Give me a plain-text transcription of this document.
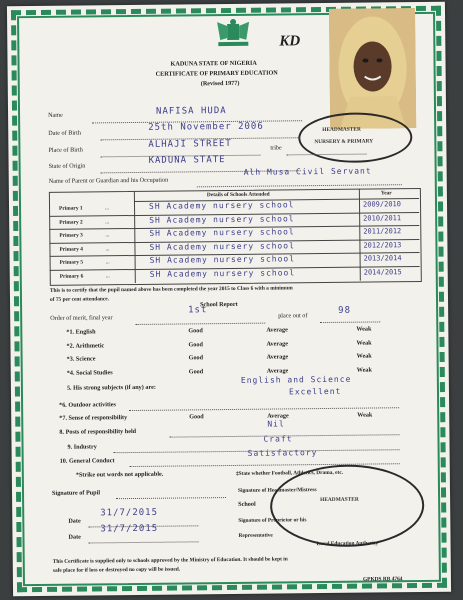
KD
KADUNA STATE OF NIGERIA
CERTIFICATE OF PRIMARY EDUCATION
(Revised 1977)
HEADMASTER
NURSERY & PRIMARY
Name	NAFISA HUDA
Date of Birth
25th November 2006
Place of Birth
ALHAJI STREET	tribe
State of Origin
KADUNA STATE
Name of Parent or Guardian and his Occupation
Alh Musa Civil Servant
Details of Schools Attended	Year
Primary 1	...	SH Academy nursery school	2009/2010
Primary 2	...	SH Academy nursery school	2010/2011
Primary 3	...	SH Academy nursery school	2011/2012
Primary 4	...	SH Academy nursery school	2012/2013
Primary 5	...	SH Academy nursery school	2013/2014
Primary 6	...	SH Academy nursery school	2014/2015
This is to certify that the pupil named above has been completed the year 2015 to Class 6 with a minimum
of 75 per cent attendance.
School Report
Order of merit, final year
1st
place out of	98
*1. English	Good	Average	Weak
*2. Arithmetic	Good	Average	Weak
*3. Science	Good	Average	Weak
*4. Social Studies	Good	Average	Weak
5. His strong subjects (if any) are:
English and Science
Excellent
*6. Outdoor activities
*7. Sense of responsibility	Good	Average	Weak
8. Posts of responsibility held
Nil
9. Industry
Craft
10. General Conduct
Satisfactory
*Strike out words not applicable.	‡State whether Football, Athletics, Drama, etc.
Signature of Pupil	Signature of Headmaster/Mistress
School
HEADMASTER
Date
31/7/2015
Signature of Proprietor or his
Date
31/7/2015
Representative
Local Education Authority
This Certificate is supplied only to schools approved by the Ministry of Education. It should be kept in
safe place for if loss or destroyed no copy will be issued.
GPKDS RB 4764
